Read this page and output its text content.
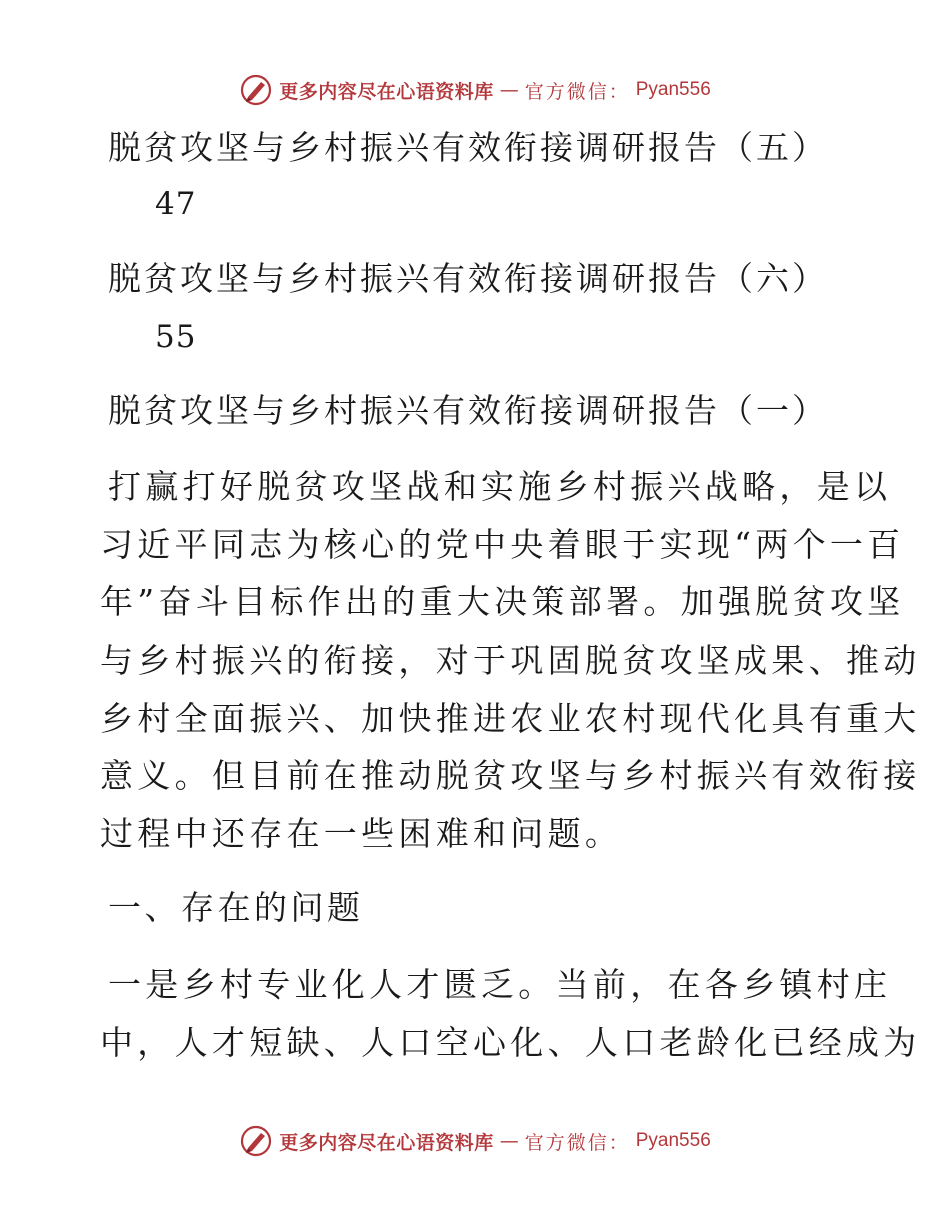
更多内容尽在心语资料库 — 官方微信： Pyan556
脱贫攻坚与乡村振兴有效衔接调研报告（五）
47
脱贫攻坚与乡村振兴有效衔接调研报告（六）
55
脱贫攻坚与乡村振兴有效衔接调研报告（一）
打赢打好脱贫攻坚战和实施乡村振兴战略，是以
习近平同志为核心的党中央着眼于实现“两个一百
年”奋斗目标作出的重大决策部署。加强脱贫攻坚
与乡村振兴的衔接，对于巩固脱贫攻坚成果、推动
乡村全面振兴、加快推进农业农村现代化具有重大
意义。但目前在推动脱贫攻坚与乡村振兴有效衔接
过程中还存在一些困难和问题。
一、存在的问题
一是乡村专业化人才匮乏。当前，在各乡镇村庄
中，人才短缺、人口空心化、人口老龄化已经成为
更多内容尽在心语资料库 — 官方微信： Pyan556
